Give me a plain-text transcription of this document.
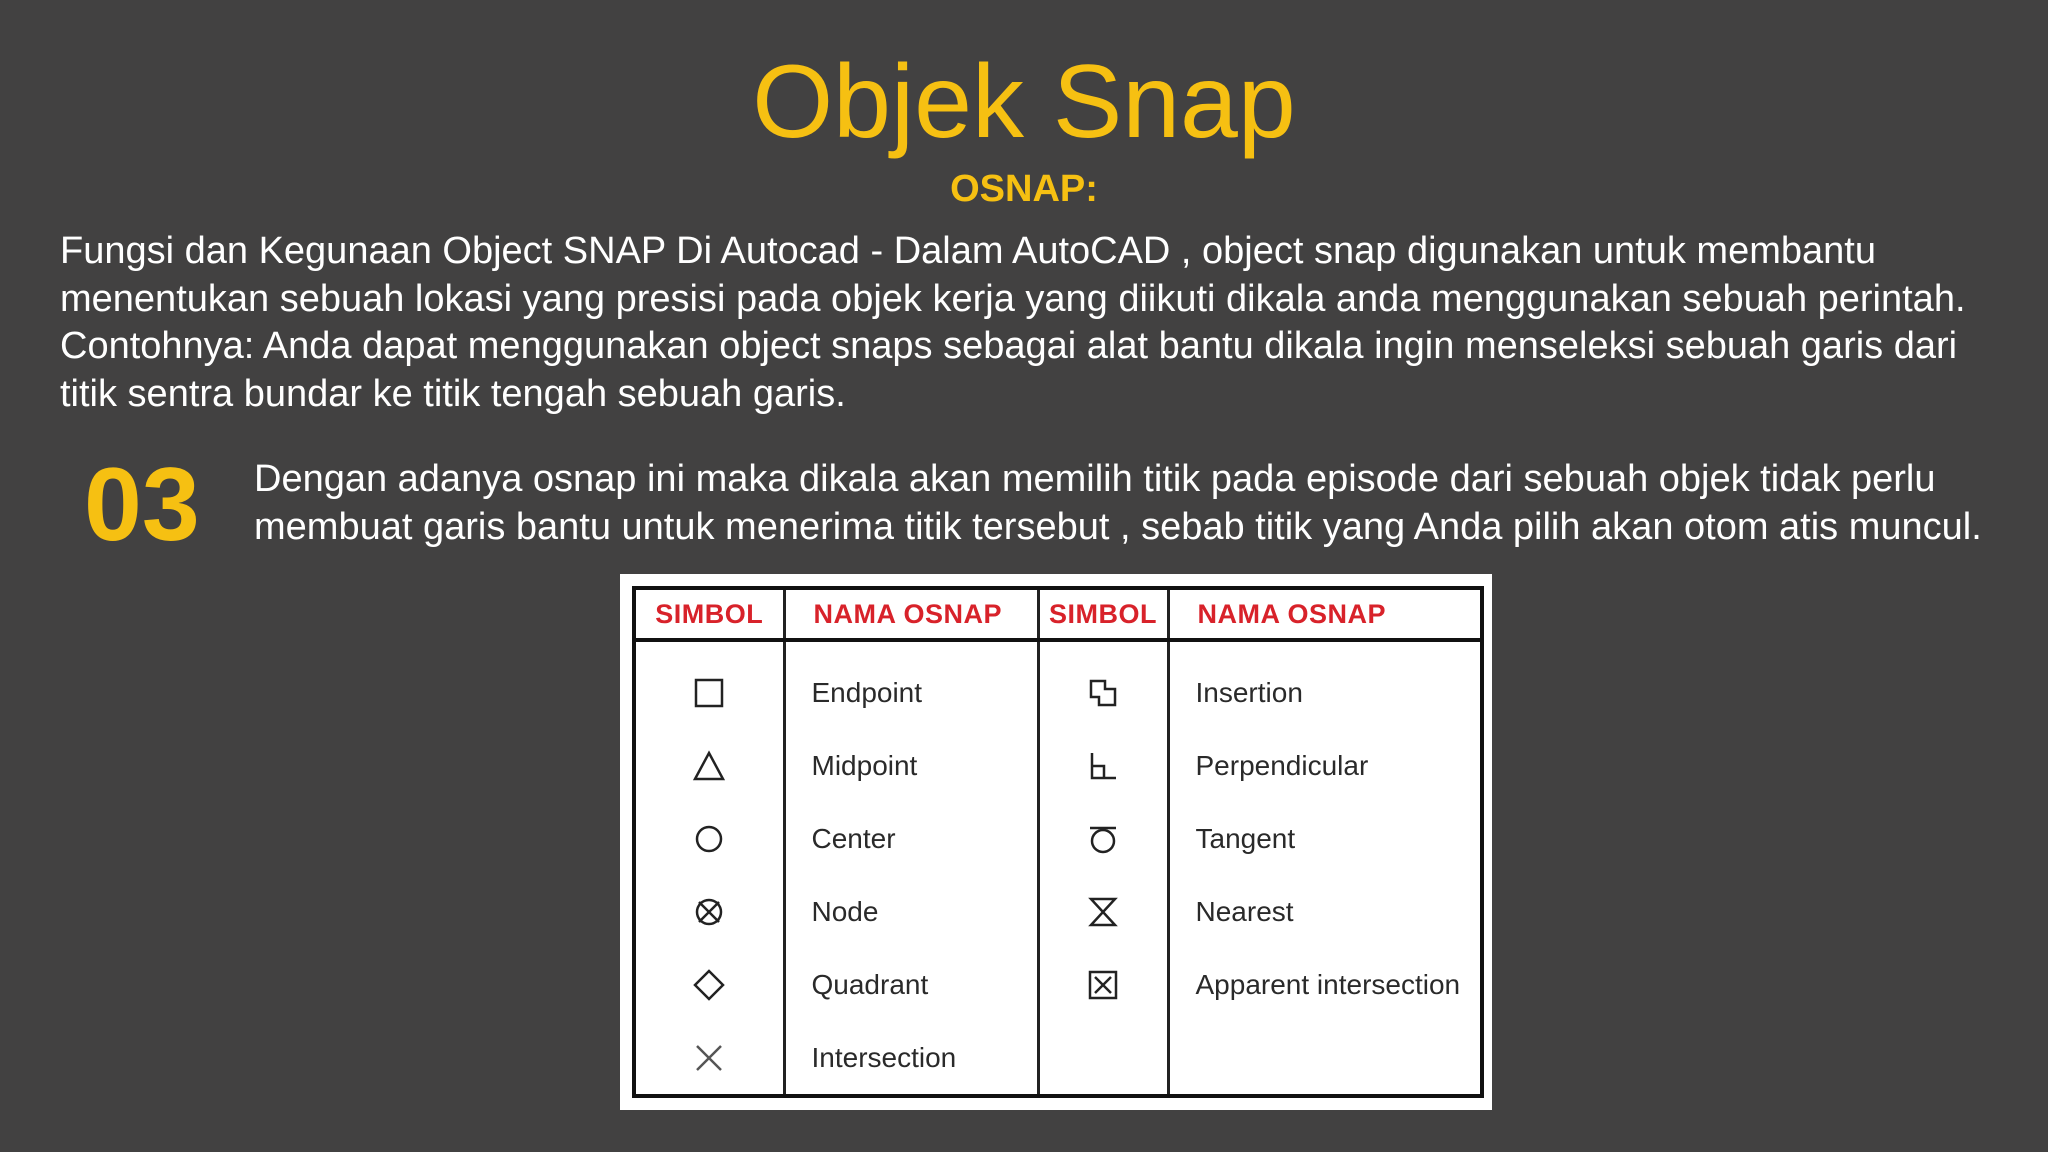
Objek Snap
OSNAP:

Fungsi dan Kegunaan Object SNAP Di Autocad - Dalam AutoCAD , object snap digunakan untuk membantu menentukan sebuah lokasi yang presisi pada objek kerja yang diikuti dikala anda menggunakan sebuah perintah. Contohnya: Anda dapat menggunakan object snaps sebagai alat bantu dikala ingin menseleksi sebuah garis dari titik sentra bundar ke titik tengah sebuah garis.

03 Dengan adanya osnap ini maka dikala akan memilih titik pada episode dari sebuah objek tidak perlu membuat garis bantu untuk menerima titik tersebut , sebab titik yang Anda pilih akan otom atis muncul.

SIMBOL	NAMA OSNAP	SIMBOL	NAMA OSNAP
	Endpoint		Insertion
	Midpoint		Perpendicular
	Center		Tangent
	Node		Nearest
	Quadrant		Apparent intersection
	Intersection		
